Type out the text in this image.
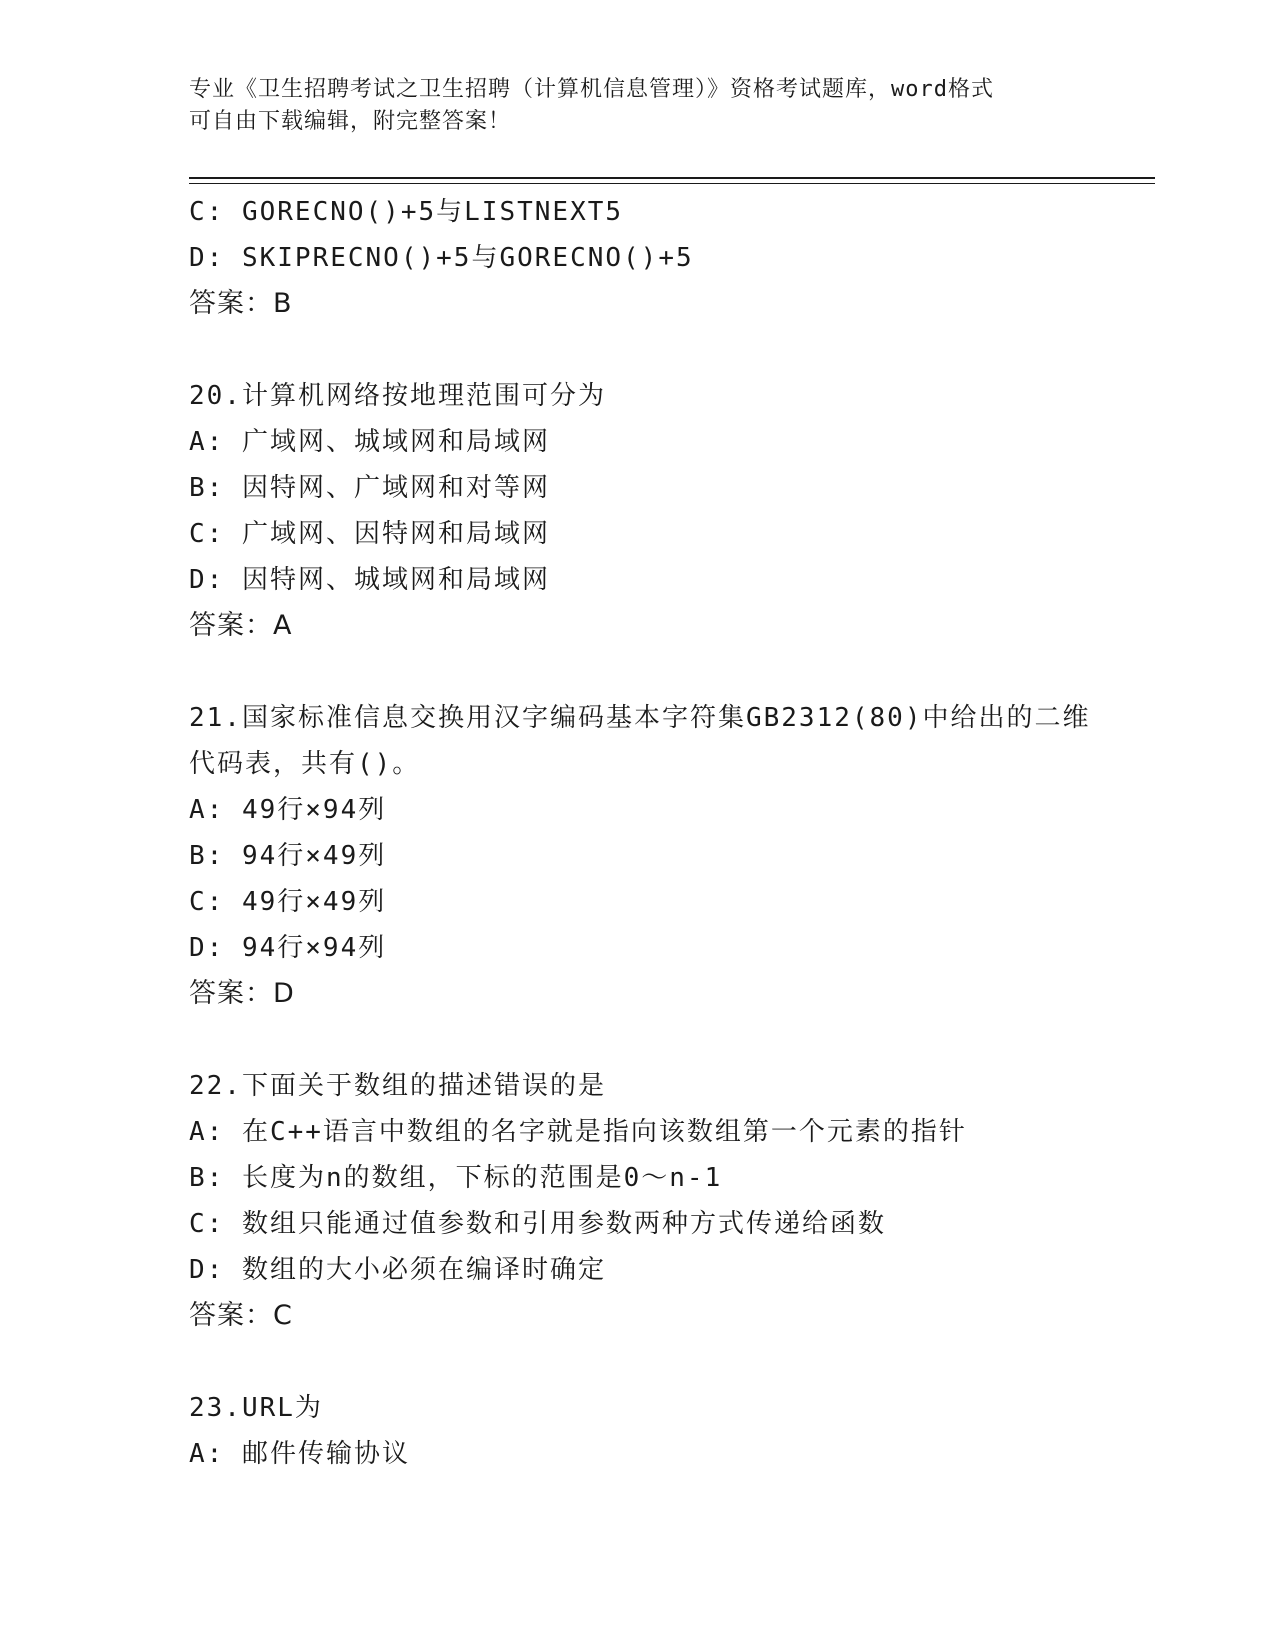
专业《卫生招聘考试之卫生招聘（计算机信息管理）》资格考试题库，word格式
可自由下载编辑，附完整答案！
C: GORECNO()+5与LISTNEXT5
D: SKIPRECNO()+5与GORECNO()+5
答案：B
20.计算机网络按地理范围可分为
A: 广域网、城域网和局域网
B: 因特网、广域网和对等网
C: 广域网、因特网和局域网
D: 因特网、城域网和局域网
答案：A
21.国家标准信息交换用汉字编码基本字符集GB2312(80)中给出的二维
代码表，共有()。
A: 49行×94列
B: 94行×49列
C: 49行×49列
D: 94行×94列
答案：D
22.下面关于数组的描述错误的是
A: 在C++语言中数组的名字就是指向该数组第一个元素的指针
B: 长度为n的数组，下标的范围是0～n-1
C: 数组只能通过值参数和引用参数两种方式传递给函数
D: 数组的大小必须在编译时确定
答案：C
23.URL为
A: 邮件传输协议
